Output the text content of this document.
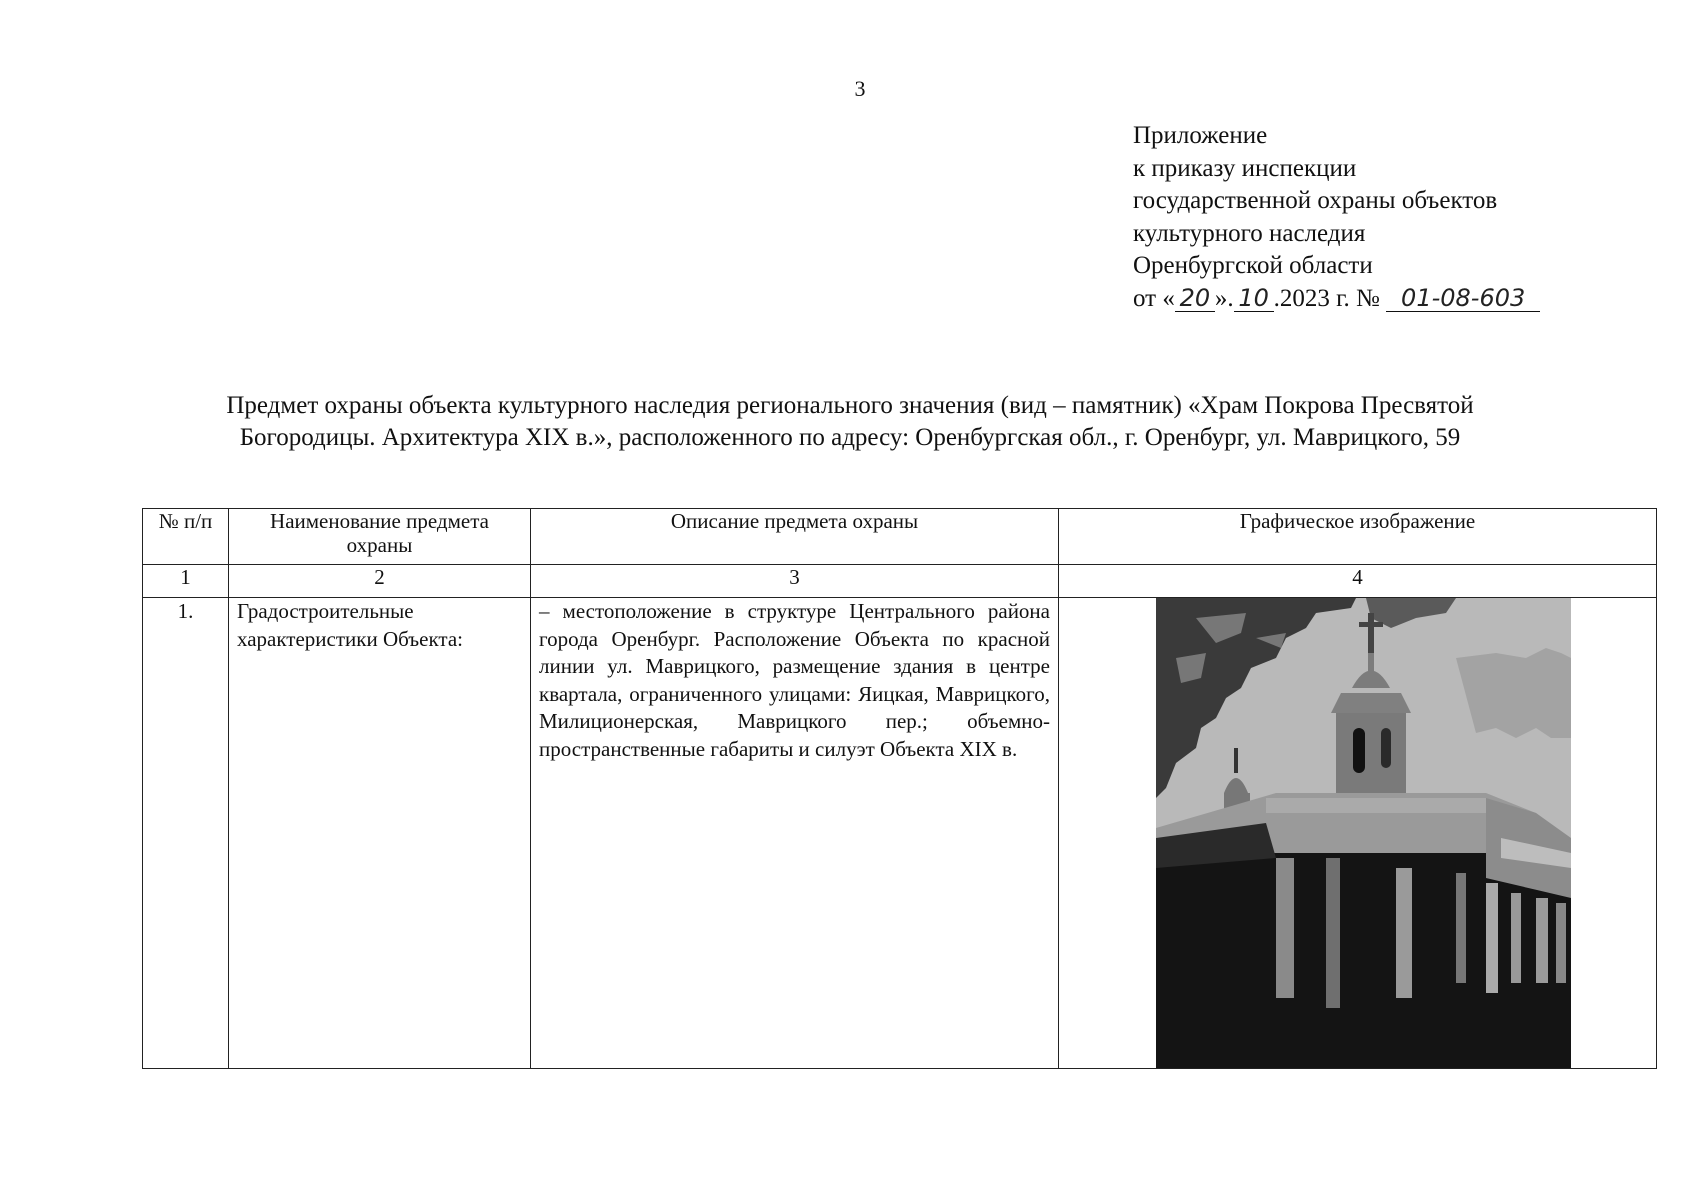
3
Приложение
к приказу инспекции
государственной охраны объектов
культурного наследия
Оренбургской области
от « 20 ». 10 .2023 г. № 01-08-603
Предмет охраны объекта культурного наследия регионального значения (вид – памятник) «Храм Покрова Пресвятой Богородицы. Архитектура XIX в.», расположенного по адресу: Оренбургская обл., г. Оренбург, ул. Маврицкого, 59
№ п/п	Наименование предмета охраны	Описание предмета охраны	Графическое изображение
1	2	3	4
1.	Градостроительные характеристики Объекта:	– местоположение в структуре Центрального района города Оренбург. Расположение Объекта по красной линии ул. Маврицкого, размещение здания в центре квартала, ограниченного улицами: Яицкая, Маврицкого, Милиционерская, Маврицкого пер.; объемно-пространственные габариты и силуэт Объекта XIX в.	
